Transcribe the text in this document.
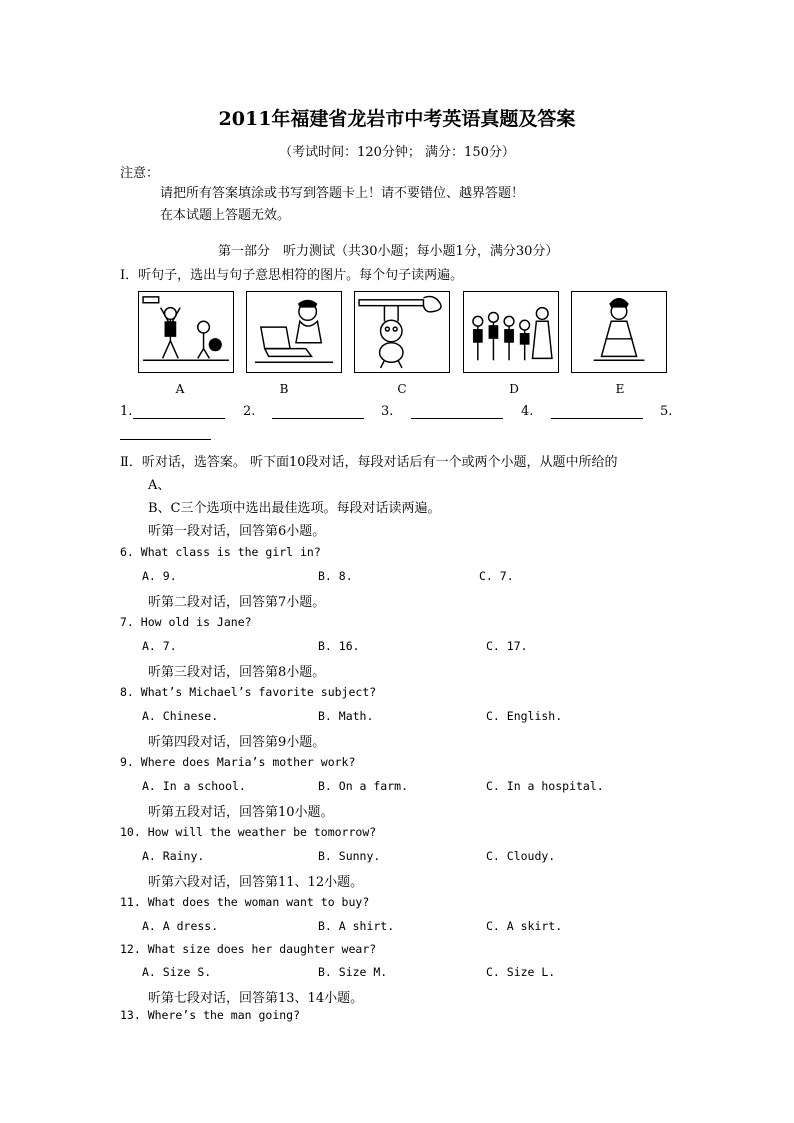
2011年福建省龙岩市中考英语真题及答案
（考试时间：120分钟； 满分：150分）
注意：
请把所有答案填涂或书写到答题卡上！请不要错位、越界答题！
在本试题上答题无效。
第一部分　听力测试（共30小题；每小题1分，满分30分）
Ⅰ．听句子，选出与句子意思相符的图片。每个句子读两遍。
A	B	C	D	E
1.	2.	3.	4.	5.
Ⅱ．听对话，选答案。 听下面10段对话，每段对话后有一个或两个小题，从题中所给的
A、
B、C三个选项中选出最佳选项。每段对话读两遍。
听第一段对话，回答第6小题。
6. What class is the girl in?
A. 9.	B. 8.	C. 7.
听第二段对话，回答第7小题。
7. How old is Jane?
A. 7.	B. 16.	C. 17.
听第三段对话，回答第8小题。
8. What’s Michael’s favorite subject?
A. Chinese.	B. Math.	C. English.
听第四段对话，回答第9小题。
9. Where does Maria’s mother work?
A. In a school.	B. On a farm.	C. In a hospital.
听第五段对话，回答第10小题。
10. How will the weather be tomorrow?
A. Rainy.	B. Sunny.	C. Cloudy.
听第六段对话，回答第11、12小题。
11. What does the woman want to buy?
A. A dress.	B. A shirt.	C. A skirt.
12. What size does her daughter wear?
A. Size S.	B. Size M.	C. Size L.
听第七段对话，回答第13、14小题。
13. Where’s the man going?
